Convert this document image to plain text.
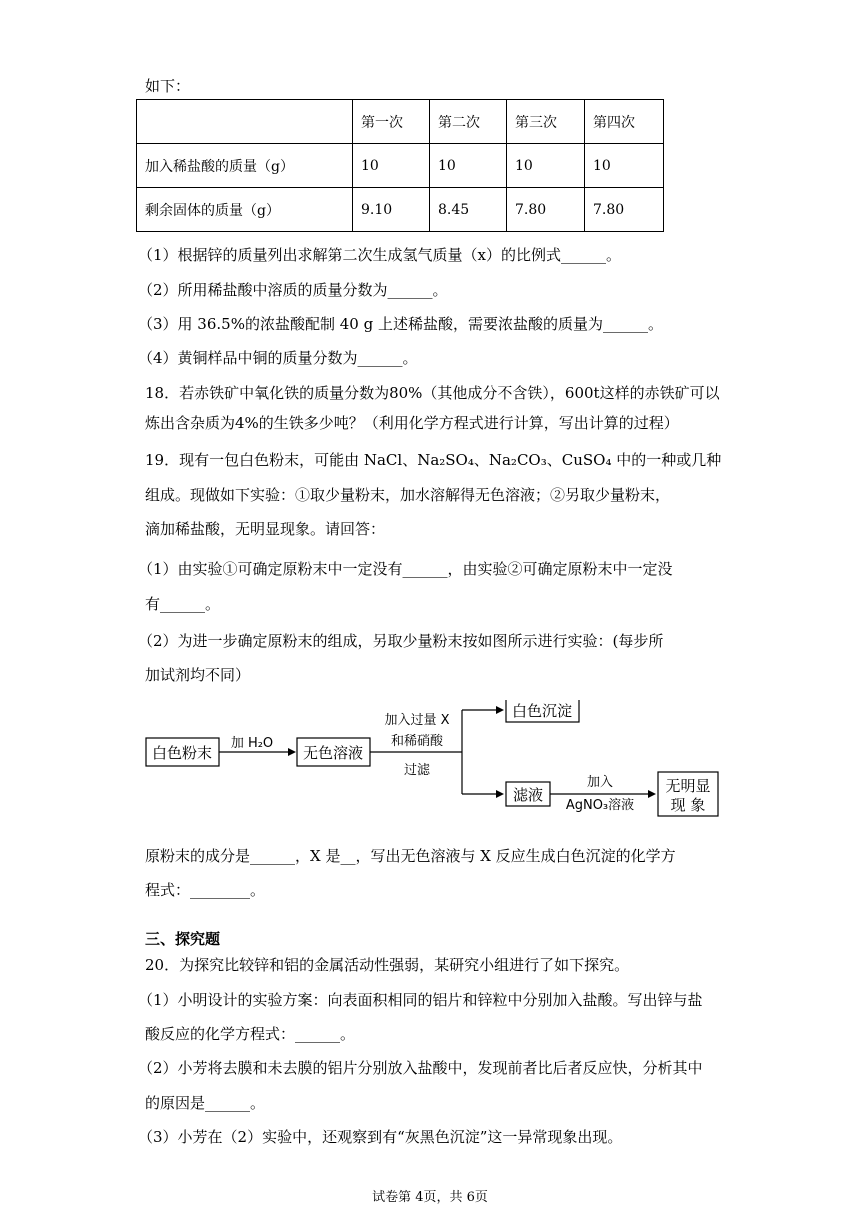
如下：
	第一次	第二次	第三次	第四次
加入稀盐酸的质量（g）	10	10	10	10
剩余固体的质量（g）	9.10	8.45	7.80	7.80
（1）根据锌的质量列出求解第二次生成氢气质量（x）的比例式______。
（2）所用稀盐酸中溶质的质量分数为______。
（3）用 36.5%的浓盐酸配制 40 g 上述稀盐酸，需要浓盐酸的质量为______。
（4）黄铜样品中铜的质量分数为______。
18．若赤铁矿中氧化铁的质量分数为80%（其他成分不含铁），600t这样的赤铁矿可以
炼出含杂质为4%的生铁多少吨？（利用化学方程式进行计算，写出计算的过程）
19．现有一包白色粉末，可能由 NaCl、Na₂SO₄、Na₂CO₃、CuSO₄ 中的一种或几种
组成。现做如下实验：①取少量粉末，加水溶解得无色溶液；②另取少量粉末，
滴加稀盐酸，无明显现象。请回答：
（1）由实验①可确定原粉末中一定没有______，由实验②可确定原粉末中一定没
有______。
（2）为进一步确定原粉末的组成，另取少量粉末按如图所示进行实验：(每步所
加试剂均不同）
白色粉末
加 H₂O
无色溶液
加入过量 X
和稀硝酸
过滤
白色沉淀
滤液
加入
AgNO₃溶液
无明显
现 象
原粉末的成分是______，X 是__，写出无色溶液与 X 反应生成白色沉淀的化学方
程式：________。
三、探究题
20．为探究比较锌和铝的金属活动性强弱，某研究小组进行了如下探究。
（1）小明设计的实验方案：向表面积相同的铝片和锌粒中分别加入盐酸。写出锌与盐
酸反应的化学方程式：______。
（2）小芳将去膜和未去膜的铝片分别放入盐酸中，发现前者比后者反应快，分析其中
的原因是______。
（3）小芳在（2）实验中，还观察到有“灰黑色沉淀”这一异常现象出现。
试卷第 4页，共 6页
